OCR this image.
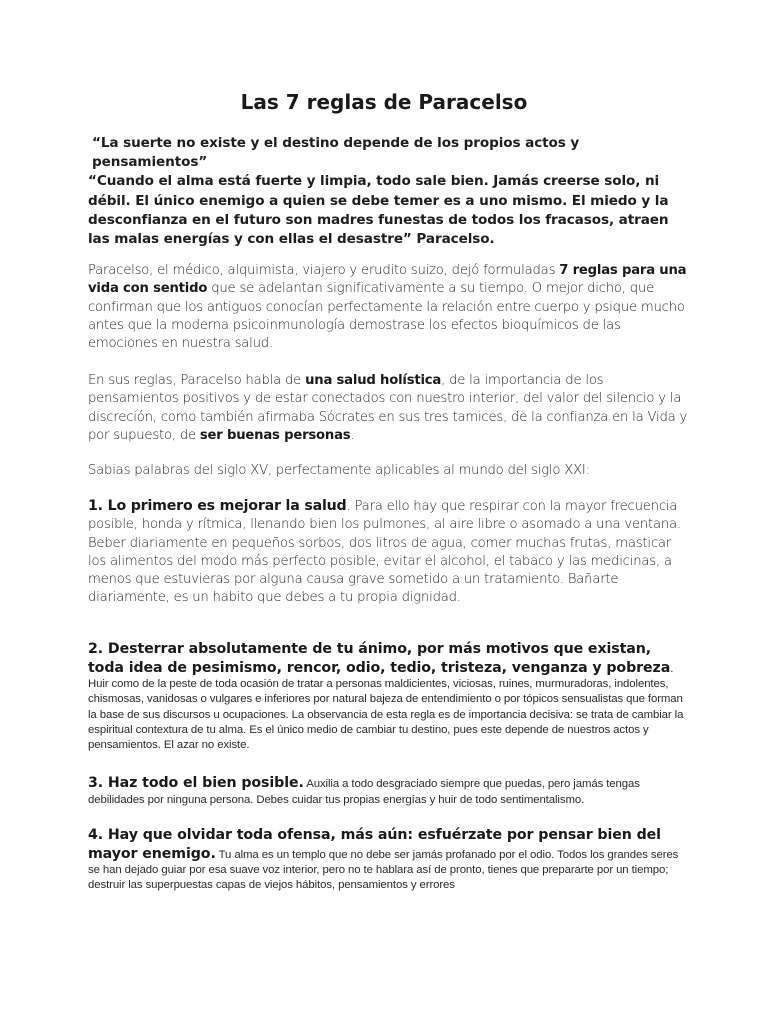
Las 7 reglas de Paracelso
“La suerte no existe y el destino depende de los propios actos y pensamientos”
“Cuando el alma está fuerte y limpia, todo sale bien. Jamás creerse solo, ni débil. El único enemigo a quien se debe temer es a uno mismo. El miedo y la desconfianza en el futuro son madres funestas de todos los fracasos, atraen las malas energías y con ellas el desastre” Paracelso.
Paracelso, el médico, alquimista, viajero y erudito suizo, dejó formuladas 7 reglas para una vida con sentido que se adelantan significativamente a su tiempo. O mejor dicho, que confirman que los antiguos conocían perfectamente la relación entre cuerpo y psique mucho antes que la moderna psicoinmunología demostrase los efectos bioquímicos de las emociones en nuestra salud.
En sus reglas, Paracelso habla de una salud holística, de la importancia de los pensamientos positivos y de estar conectados con nuestro interior, del valor del silencio y la discreción, como también afirmaba Sócrates en sus tres tamices, de la confianza en la Vida y por supuesto, de ser buenas personas.
Sabias palabras del siglo XV, perfectamente aplicables al mundo del siglo XXI:
1. Lo primero es mejorar la salud. Para ello hay que respirar con la mayor frecuencia posible, honda y rítmica, llenando bien los pulmones, al aire libre o asomado a una ventana. Beber diariamente en pequeños sorbos, dos litros de agua, comer muchas frutas, masticar los alimentos del modo más perfecto posible, evitar el alcohol, el tabaco y las medicinas, a menos que estuvieras por alguna causa grave sometido a un tratamiento. Bañarte diariamente, es un habito que debes a tu propia dignidad.
2. Desterrar absolutamente de tu ánimo, por más motivos que existan, toda idea de pesimismo, rencor, odio, tedio, tristeza, venganza y pobreza. Huir como de la peste de toda ocasión de tratar a personas maldicientes, viciosas, ruines, murmuradoras, indolentes, chismosas, vanidosas o vulgares e inferiores por natural bajeza de entendimiento o por tópicos sensualistas que forman la base de sus discursos u ocupaciones. La observancia de esta regla es de importancia decisiva: se trata de cambiar la espiritual contextura de tu alma. Es el único medio de cambiar tu destino, pues este depende de nuestros actos y pensamientos. El azar no existe.
3. Haz todo el bien posible. Auxilia a todo desgraciado siempre que puedas, pero jamás tengas debilidades por ninguna persona. Debes cuidar tus propias energías y huir de todo sentimentalismo.
4. Hay que olvidar toda ofensa, más aún: esfuérzate por pensar bien del mayor enemigo. Tu alma es un templo que no debe ser jamás profanado por el odio. Todos los grandes seres se han dejado guiar por esa suave voz interior, pero no te hablara así de pronto, tienes que prepararte por un tiempo; destruir las superpuestas capas de viejos hábitos, pensamientos y errores
